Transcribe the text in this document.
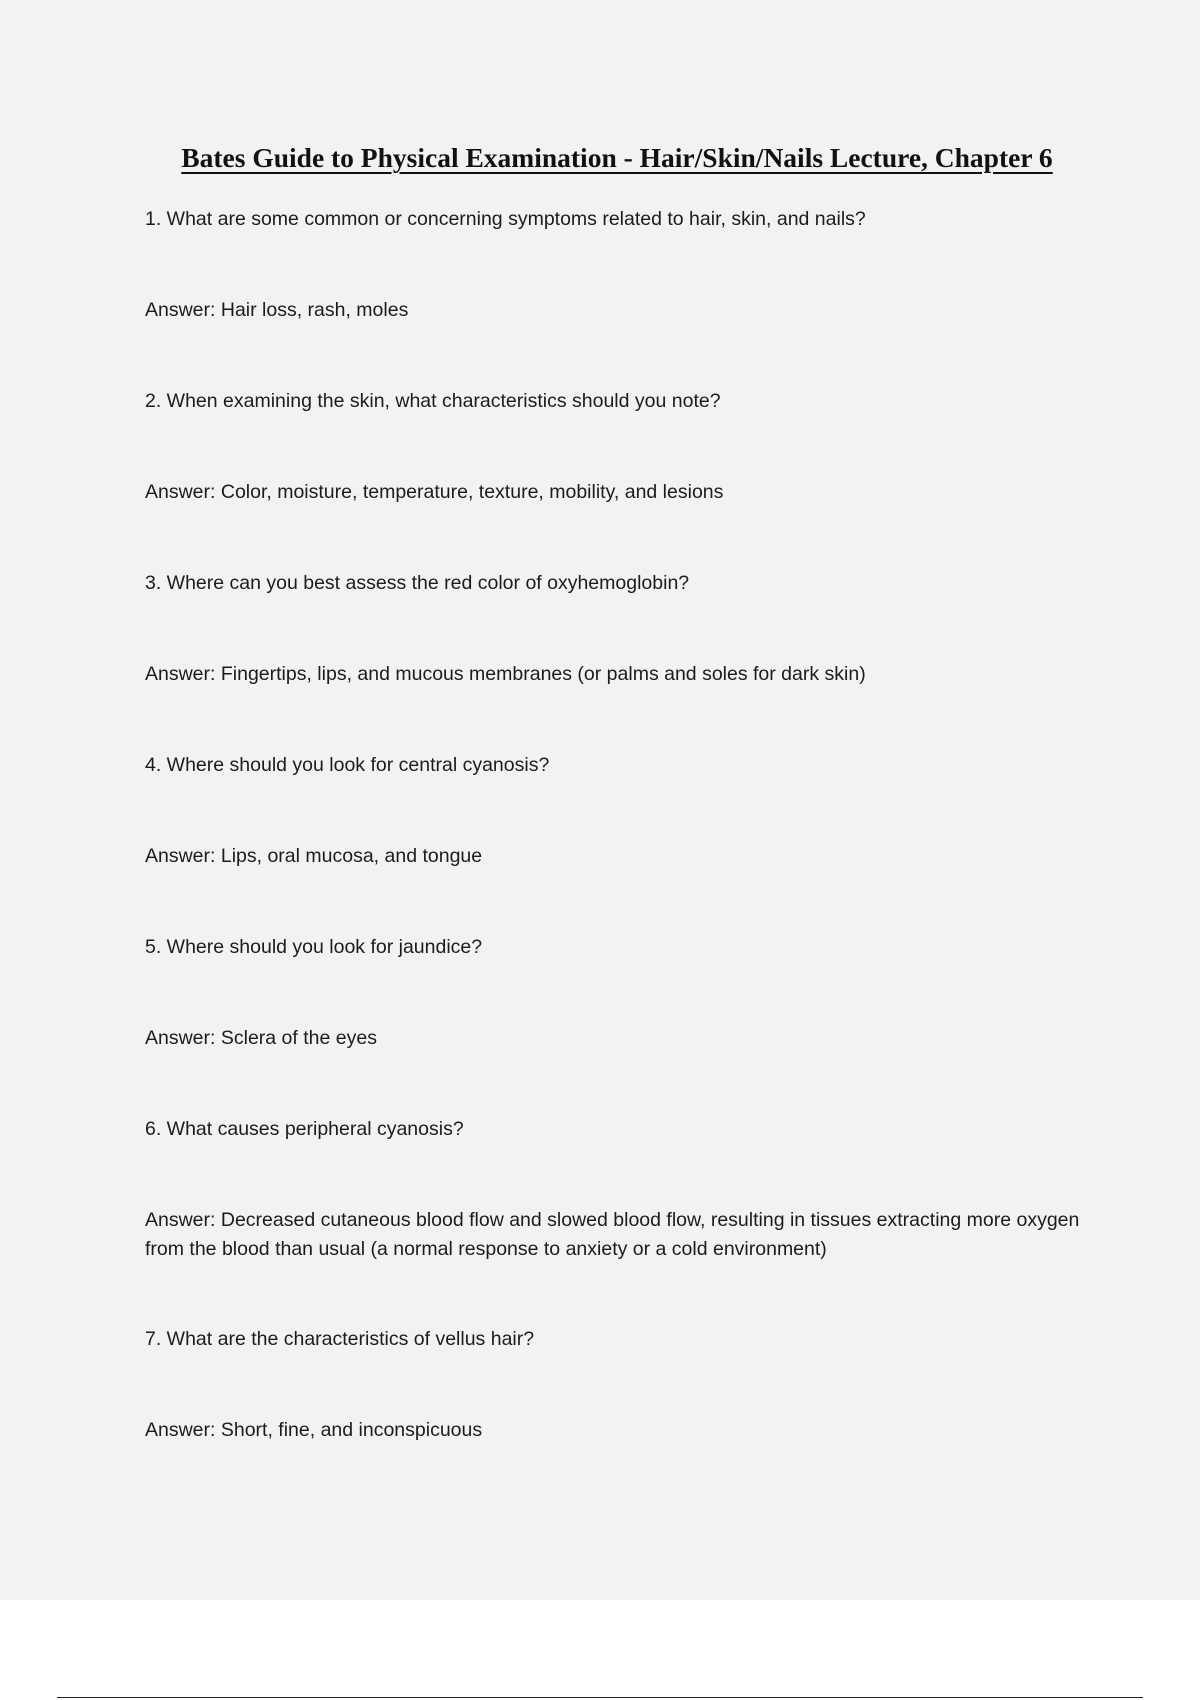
Bates Guide to Physical Examination - Hair/Skin/Nails Lecture, Chapter 6

1. What are some common or concerning symptoms related to hair, skin, and nails?

Answer: Hair loss, rash, moles

2. When examining the skin, what characteristics should you note?

Answer: Color, moisture, temperature, texture, mobility, and lesions

3. Where can you best assess the red color of oxyhemoglobin?

Answer: Fingertips, lips, and mucous membranes (or palms and soles for dark skin)

4. Where should you look for central cyanosis?

Answer: Lips, oral mucosa, and tongue

5. Where should you look for jaundice?

Answer: Sclera of the eyes

6. What causes peripheral cyanosis?

Answer: Decreased cutaneous blood flow and slowed blood flow, resulting in tissues extracting more oxygen from the blood than usual (a normal response to anxiety or a cold environment)

7. What are the characteristics of vellus hair?

Answer: Short, fine, and inconspicuous
